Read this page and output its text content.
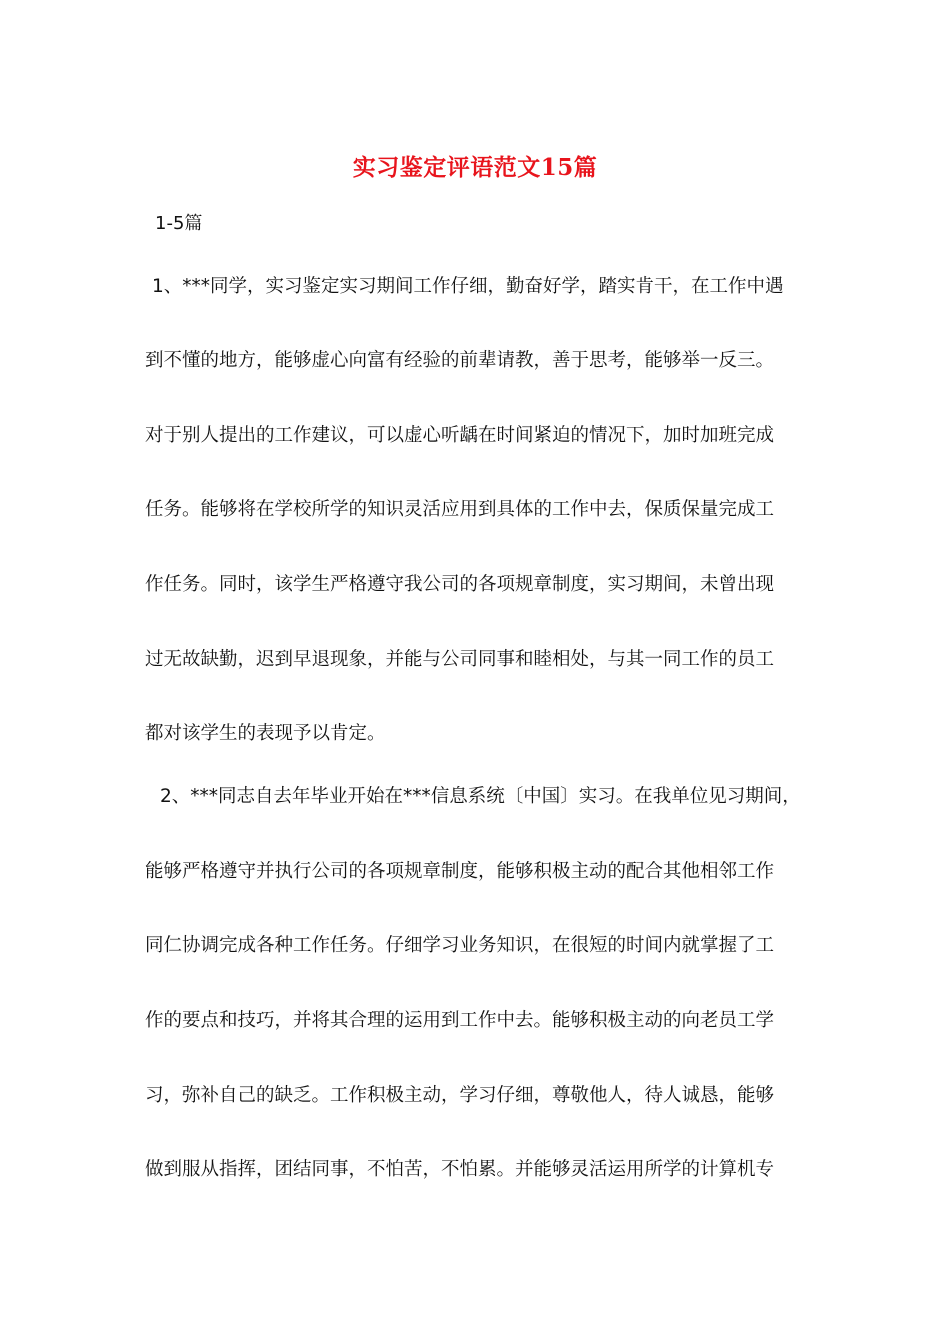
实习鉴定评语范文15篇
1-5篇
1、***同学，实习鉴定实习期间工作仔细，勤奋好学，踏实肯干，在工作中遇
到不懂的地方，能够虚心向富有经验的前辈请教，善于思考，能够举一反三。
对于别人提出的工作建议，可以虚心听龋在时间紧迫的情况下，加时加班完成
任务。能够将在学校所学的知识灵活应用到具体的工作中去，保质保量完成工
作任务。同时，该学生严格遵守我公司的各项规章制度，实习期间，未曾出现
过无故缺勤，迟到早退现象，并能与公司同事和睦相处，与其一同工作的员工
都对该学生的表现予以肯定。
2、***同志自去年毕业开始在***信息系统〔中国〕实习。在我单位见习期间，
能够严格遵守并执行公司的各项规章制度，能够积极主动的配合其他相邻工作
同仁协调完成各种工作任务。仔细学习业务知识，在很短的时间内就掌握了工
作的要点和技巧，并将其合理的运用到工作中去。能够积极主动的向老员工学
习，弥补自己的缺乏。工作积极主动，学习仔细，尊敬他人，待人诚恳，能够
做到服从指挥，团结同事，不怕苦，不怕累。并能够灵活运用所学的计算机专
